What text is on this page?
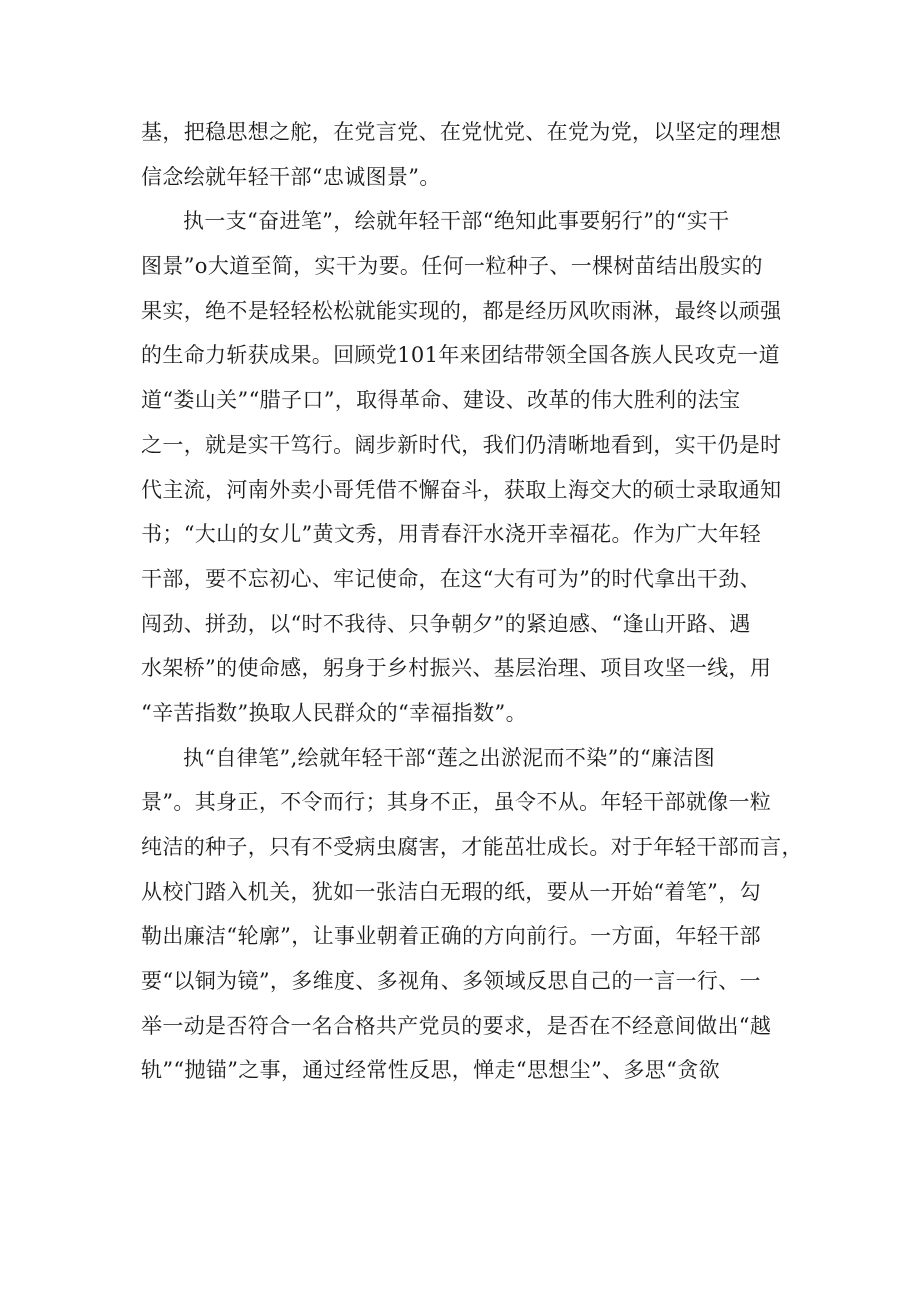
基，把稳思想之舵，在党言党、在党忧党、在党为党，以坚定的理想
信念绘就年轻干部“忠诚图景”。
执一支“奋进笔”，绘就年轻干部“绝知此事要躬行”的“实干
图景”o大道至简，实干为要。任何一粒种子、一棵树苗结出殷实的
果实，绝不是轻轻松松就能实现的，都是经历风吹雨淋，最终以顽强
的生命力斩获成果。回顾党101年来团结带领全国各族人民攻克一道
道“娄山关”“腊子口”，取得革命、建设、改革的伟大胜利的法宝
之一，就是实干笃行。阔步新时代，我们仍清晰地看到，实干仍是时
代主流，河南外卖小哥凭借不懈奋斗，获取上海交大的硕士录取通知
书；“大山的女儿”黄文秀，用青春汗水浇开幸福花。作为广大年轻
干部，要不忘初心、牢记使命，在这“大有可为”的时代拿出干劲、
闯劲、拼劲，以“时不我待、只争朝夕”的紧迫感、“逢山开路、遇
水架桥”的使命感，躬身于乡村振兴、基层治理、项目攻坚一线，用
“辛苦指数”换取人民群众的“幸福指数”。
执“自律笔”,绘就年轻干部“莲之出淤泥而不染”的“廉洁图
景”。其身正，不令而行；其身不正，虽令不从。年轻干部就像一粒
纯洁的种子，只有不受病虫腐害，才能茁壮成长。对于年轻干部而言，
从校门踏入机关，犹如一张洁白无瑕的纸，要从一开始“着笔”，勾
勒出廉洁“轮廓”，让事业朝着正确的方向前行。一方面，年轻干部
要“以铜为镜”，多维度、多视角、多领域反思自己的一言一行、一
举一动是否符合一名合格共产党员的要求，是否在不经意间做出“越
轨”“抛锚”之事，通过经常性反思，惮走“思想尘”、多思“贪欲
